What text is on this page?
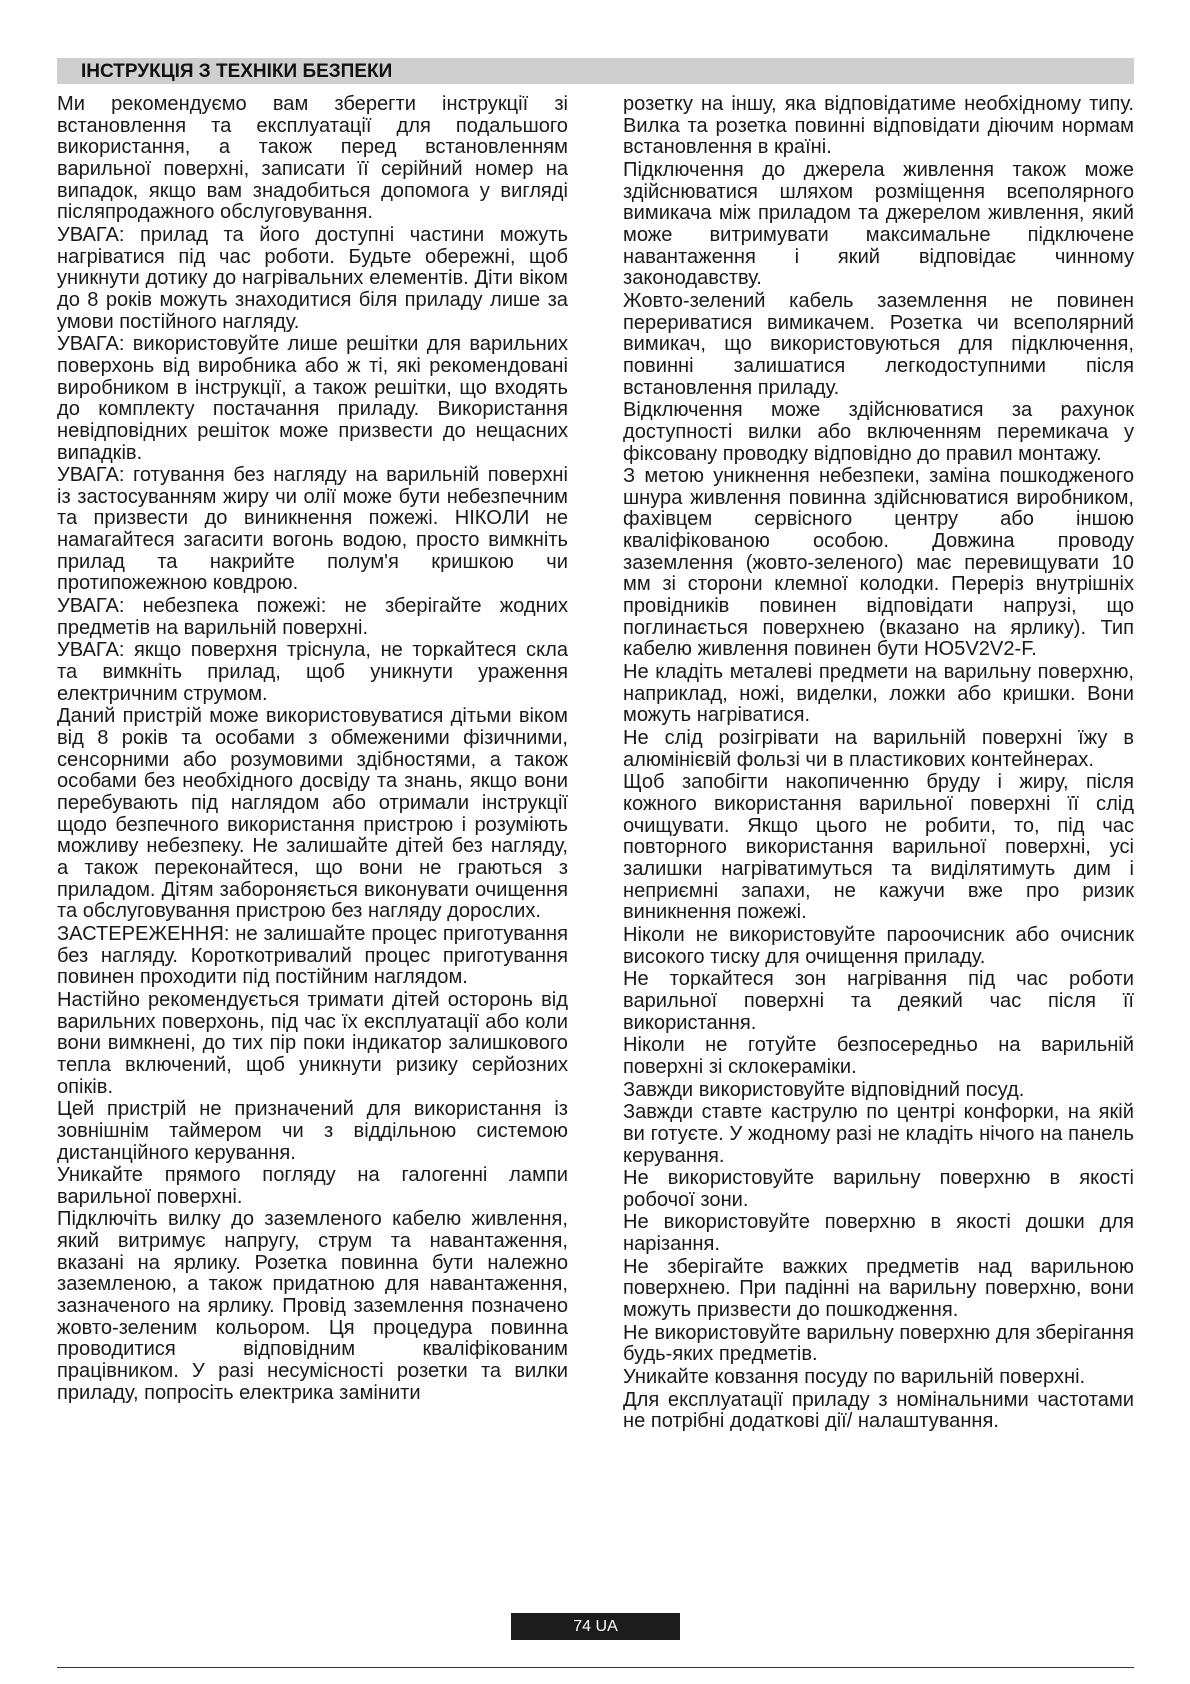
ІНСТРУКЦІЯ З ТЕХНІКИ БЕЗПЕКИ

Ми рекомендуємо вам зберегти інструкції зі встановлення та експлуатації для подальшого використання, а також перед встановленням варильної поверхні, записати її серійний номер на випадок, якщо вам знадобиться допомога у вигляді післяпродажного обслуговування.

УВАГА: прилад та його доступні частини можуть нагріватися під час роботи. Будьте обережні, щоб уникнути дотику до нагрівальних елементів. Діти віком до 8 років можуть знаходитися біля приладу лише за умови постійного нагляду.

УВАГА: використовуйте лише решітки для варильних поверхонь від виробника або ж ті, які рекомендовані виробником в інструкції, а також решітки, що входять до комплекту постачання приладу. Використання невідповідних решіток може призвести до нещасних випадків.

УВАГА: готування без нагляду на варильній поверхні із застосуванням жиру чи олії може бути небезпечним та призвести до виникнення пожежі. НІКОЛИ не намагайтеся загасити вогонь водою, просто вимкніть прилад та накрийте полум'я кришкою чи протипожежною ковдрою.

УВАГА: небезпека пожежі: не зберігайте жодних предметів на варильній поверхні.

УВАГА: якщо поверхня тріснула, не торкайтеся скла та вимкніть прилад, щоб уникнути ураження електричним струмом.

Даний пристрій може використовуватися дітьми віком від 8 років та особами з обмеженими фізичними, сенсорними або розумовими здібностями, а також особами без необхідного досвіду та знань, якщо вони перебувають під наглядом або отримали інструкції щодо безпечного використання пристрою і розуміють можливу небезпеку. Не залишайте дітей без нагляду, а також переконайтеся, що вони не граються з приладом. Дітям забороняється виконувати очищення та обслуговування пристрою без нагляду дорослих.

ЗАСТЕРЕЖЕННЯ: не залишайте процес приготування без нагляду. Короткотривалий процес приготування повинен проходити під постійним наглядом.

Настійно рекомендується тримати дітей осторонь від варильних поверхонь, під час їх експлуатації або коли вони вимкнені, до тих пір поки індикатор залишкового тепла включений, щоб уникнути ризику серйозних опіків.

Цей пристрій не призначений для використання із зовнішнім таймером чи з віддільною системою дистанційного керування.

Уникайте прямого погляду на галогенні лампи варильної поверхні.

Підключіть вилку до заземленого кабелю живлення, який витримує напругу, струм та навантаження, вказані на ярлику. Розетка повинна бути належно заземленою, а також придатною для навантаження, зазначеного на ярлику. Провід заземлення позначено жовто-зеленим кольором. Ця процедура повинна проводитися відповідним кваліфікованим працівником. У разі несумісності розетки та вилки приладу, попросіть електрика замінити

розетку на іншу, яка відповідатиме необхідному типу. Вилка та розетка повинні відповідати діючим нормам встановлення в країні.

Підключення до джерела живлення також може здійснюватися шляхом розміщення всеполярного вимикача між приладом та джерелом живлення, який може витримувати максимальне підключене навантаження і який відповідає чинному законодавству.

Жовто-зелений кабель заземлення не повинен перериватися вимикачем. Розетка чи всеполярний вимикач, що використовуються для підключення, повинні залишатися легкодоступними після встановлення приладу.

Відключення може здійснюватися за рахунок доступності вилки або включенням перемикача у фіксовану проводку відповідно до правил монтажу.

З метою уникнення небезпеки, заміна пошкодженого шнура живлення повинна здійснюватися виробником, фахівцем сервісного центру або іншою кваліфікованою особою. Довжина проводу заземлення (жовто-зеленого) має перевищувати 10 мм зі сторони клемної колодки. Переріз внутрішніх провідників повинен відповідати напрузі, що поглинається поверхнею (вказано на ярлику). Тип кабелю живлення повинен бути HO5V2V2-F.

Не кладіть металеві предмети на варильну поверхню, наприклад, ножі, виделки, ложки або кришки. Вони можуть нагріватися.

Не слід розігрівати на варильній поверхні їжу в алюмінієвій фользі чи в пластикових контейнерах.

Щоб запобігти накопиченню бруду і жиру, після кожного використання варильної поверхні її слід очищувати. Якщо цього не робити, то, під час повторного використання варильної поверхні, усі залишки нагріватимуться та виділятимуть дим і неприємні запахи, не кажучи вже про ризик виникнення пожежі.

Ніколи не використовуйте пароочисник або очисник високого тиску для очищення приладу.

Не торкайтеся зон нагрівання під час роботи варильної поверхні та деякий час після її використання.

Ніколи не готуйте безпосередньо на варильній поверхні зі склокераміки.

Завжди використовуйте відповідний посуд.

Завжди ставте каструлю по центрі конфорки, на якій ви готуєте. У жодному разі не кладіть нічого на панель керування.

Не використовуйте варильну поверхню в якості робочої зони.

Не використовуйте поверхню в якості дошки для нарізання.

Не зберігайте важких предметів над варильною поверхнею. При падінні на варильну поверхню, вони можуть призвести до пошкодження.

Не використовуйте варильну поверхню для зберігання будь-яких предметів.

Уникайте ковзання посуду по варильній поверхні.

Для експлуатації приладу з номінальними частотами не потрібні додаткові дії/ налаштування.

74 UA
